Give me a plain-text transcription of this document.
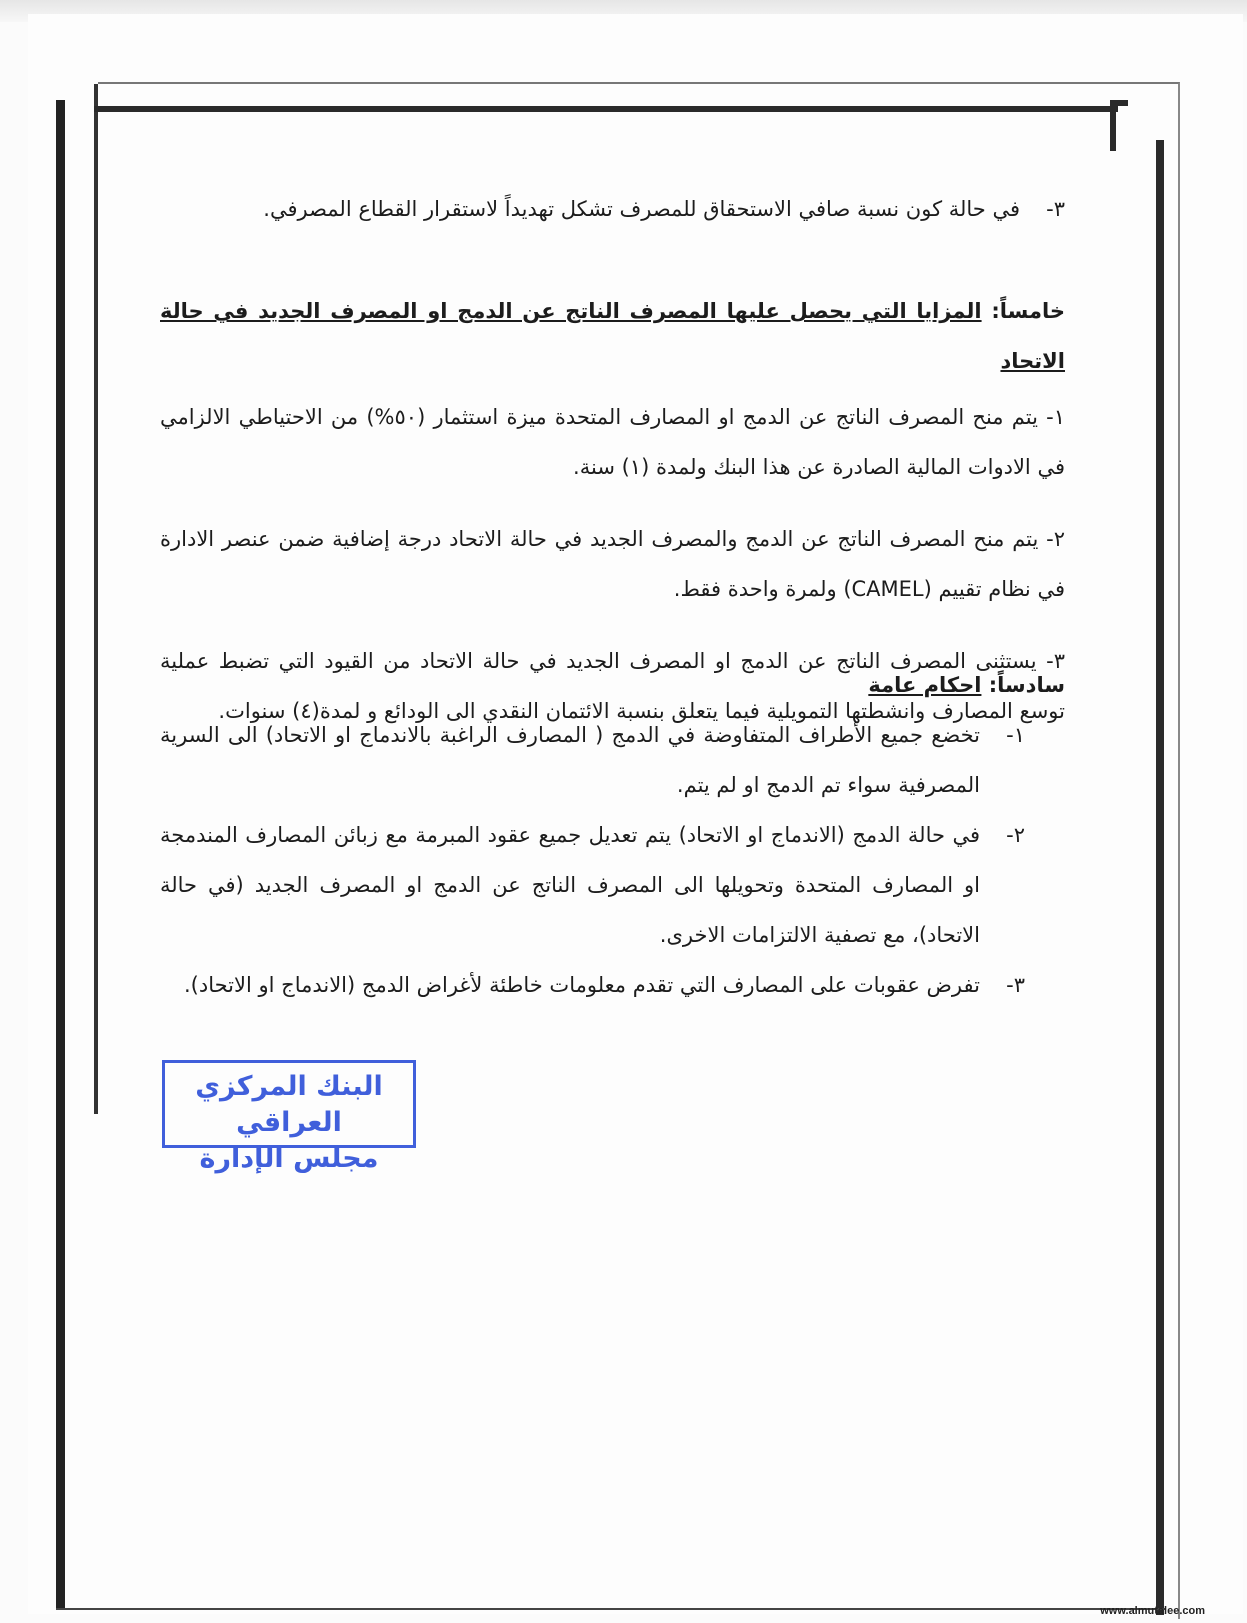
٣-
في حالة كون نسبة صافي الاستحقاق للمصرف تشكل تهديداً لاستقرار القطاع المصرفي.

خامساً: المزايا التي يحصل عليها المصرف الناتج عن الدمج او المصرف الجديد في حالة الاتحاد

١- يتم منح المصرف الناتج عن الدمج او المصارف المتحدة ميزة استثمار (٥٠%) من الاحتياطي الالزامي في الادوات المالية الصادرة عن هذا البنك ولمدة (١) سنة.

٢- يتم منح المصرف الناتج عن الدمج والمصرف الجديد في حالة الاتحاد درجة إضافية ضمن عنصر الادارة في نظام تقييم (CAMEL) ولمرة واحدة فقط.

٣- يستثنى المصرف الناتج عن الدمج او المصرف الجديد في حالة الاتحاد من القيود التي تضبط عملية توسع المصارف وانشطتها التمويلية فيما يتعلق بنسبة الائتمان النقدي الى الودائع و لمدة(٤) سنوات.

سادساً: احكام عامة

١-
تخضع جميع الأطراف المتفاوضة في الدمج ( المصارف الراغبة بالاندماج او الاتحاد) الى السرية المصرفية سواء تم الدمج او لم يتم.
٢-
في حالة الدمج (الاندماج او الاتحاد) يتم تعديل جميع عقود المبرمة مع زبائن المصارف المندمجة او المصارف المتحدة وتحويلها الى المصرف الناتج عن الدمج او المصرف الجديد (في حالة الاتحاد)، مع تصفية الالتزامات الاخرى.
٣-
تفرض عقوبات على المصارف التي تقدم معلومات خاطئة لأغراض الدمج (الاندماج او الاتحاد).
البنك المركزي العراقي
مجلس الإدارة
www.almutalee.com
